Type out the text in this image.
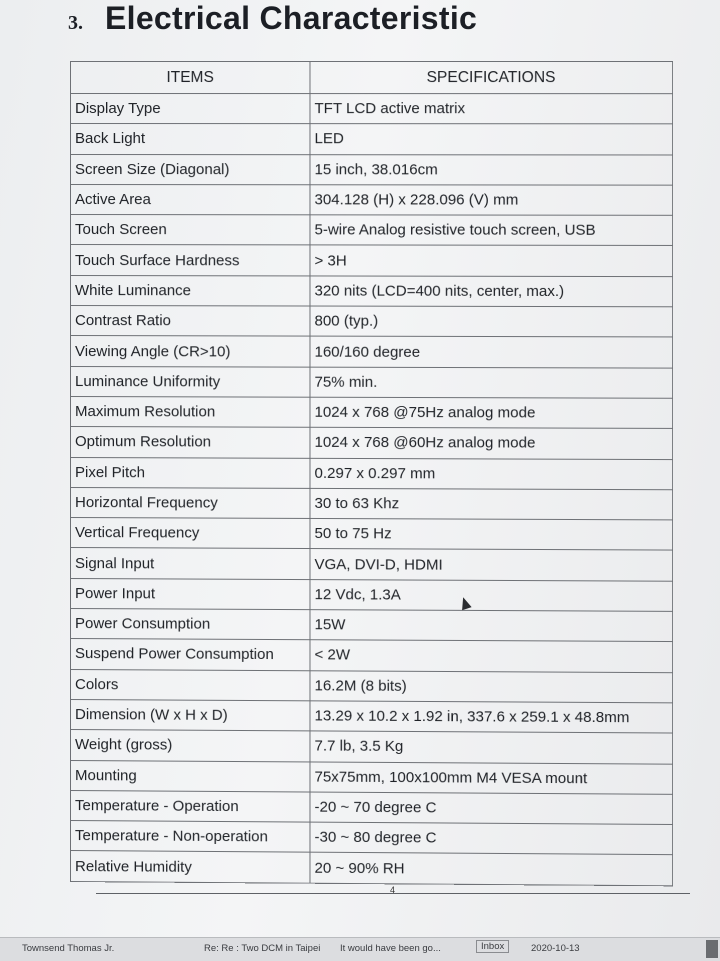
3. Electrical Characteristic
ITEMS	SPECIFICATIONS
Display Type	TFT LCD active matrix
Back Light	LED
Screen Size (Diagonal)	15 inch, 38.016cm
Active Area	304.128 (H) x 228.096 (V) mm
Touch Screen	5-wire Analog resistive touch screen, USB
Touch Surface Hardness	> 3H
White Luminance	320 nits (LCD=400 nits, center, max.)
Contrast Ratio	800 (typ.)
Viewing Angle (CR>10)	160/160 degree
Luminance Uniformity	75% min.
Maximum Resolution	1024 x 768 @75Hz analog mode
Optimum Resolution	1024 x 768 @60Hz analog mode
Pixel Pitch	0.297 x 0.297 mm
Horizontal Frequency	30 to 63 Khz
Vertical Frequency	50 to 75 Hz
Signal Input	VGA, DVI-D, HDMI
Power Input	12 Vdc, 1.3A
Power Consumption	15W
Suspend Power Consumption	< 2W
Colors	16.2M (8 bits)
Dimension (W x H x D)	13.29 x 10.2 x 1.92 in, 337.6 x 259.1 x 48.8mm
Weight (gross)	7.7 lb, 3.5 Kg
Mounting	75x75mm, 100x100mm M4 VESA mount
Temperature - Operation	-20 ~ 70 degree C
Temperature - Non-operation	-30 ~ 80 degree C
Relative Humidity	20 ~ 90% RH
4
Townsend Thomas Jr.	Re: Re : Two DCM in Taipei It would have been go...	Inbox	2020-10-13
